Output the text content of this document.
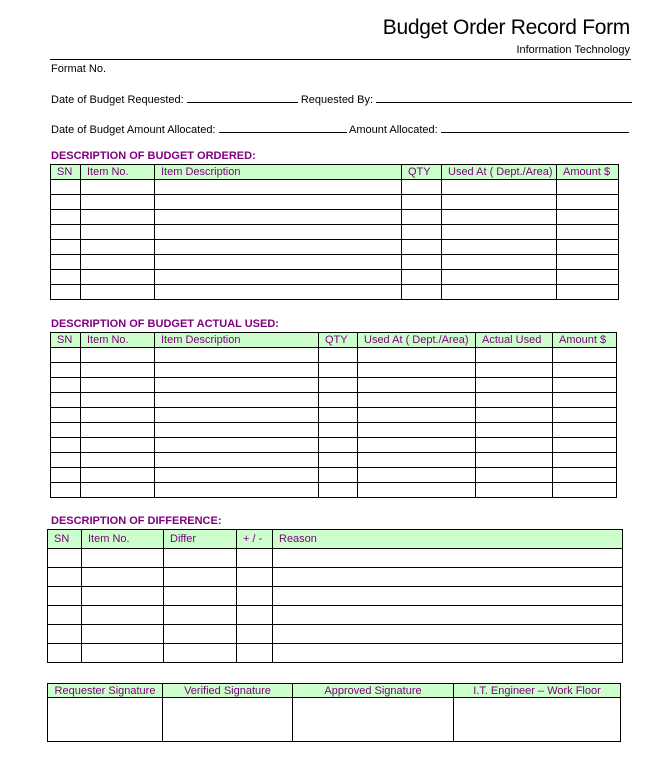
Budget Order Record Form
Information Technology
Format No.
Date of Budget Requested:	Requested By:
Date of Budget Amount Allocated:	Amount Allocated:
DESCRIPTION OF BUDGET ORDERED:
SN	Item No.	Item Description	QTY	Used At ( Dept./Area)	Amount $

DESCRIPTION OF BUDGET ACTUAL USED:
SN	Item No.	Item Description	QTY	Used At ( Dept./Area)	Actual Used	Amount $

DESCRIPTION OF DIFFERENCE:
SN	Item No.	Differ	+ / -	Reason

Requester Signature	Verified Signature	Approved Signature	I.T. Engineer – Work Floor
